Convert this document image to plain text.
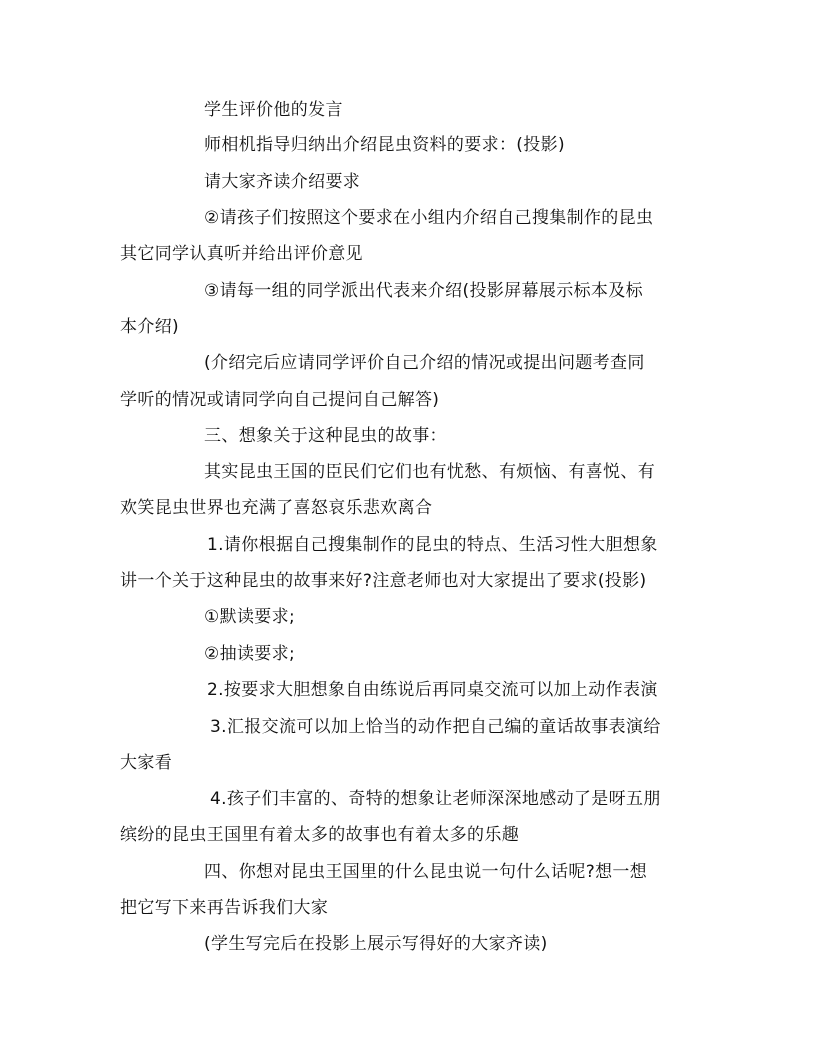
学生评价他的发言

师相机指导归纳出介绍昆虫资料的要求：(投影)

请大家齐读介绍要求

②请孩子们按照这个要求在小组内介绍自己搜集制作的昆虫

其它同学认真听并给出评价意见

③请每一组的同学派出代表来介绍(投影屏幕展示标本及标

本介绍)

(介绍完后应请同学评价自己介绍的情况或提出问题考查同

学听的情况或请同学向自己提问自己解答)

三、想象关于这种昆虫的故事：

其实昆虫王国的臣民们它们也有忧愁、有烦恼、有喜悦、有

欢笑昆虫世界也充满了喜怒哀乐悲欢离合

1.请你根据自己搜集制作的昆虫的特点、生活习性大胆想象

讲一个关于这种昆虫的故事来好?注意老师也对大家提出了要求(投影)

①默读要求;

②抽读要求;

2.按要求大胆想象自由练说后再同桌交流可以加上动作表演

3.汇报交流可以加上恰当的动作把自己编的童话故事表演给

大家看

4.孩子们丰富的、奇特的想象让老师深深地感动了是呀五朋

缤纷的昆虫王国里有着太多的故事也有着太多的乐趣

四、你想对昆虫王国里的什么昆虫说一句什么话呢?想一想

把它写下来再告诉我们大家

(学生写完后在投影上展示写得好的大家齐读)
